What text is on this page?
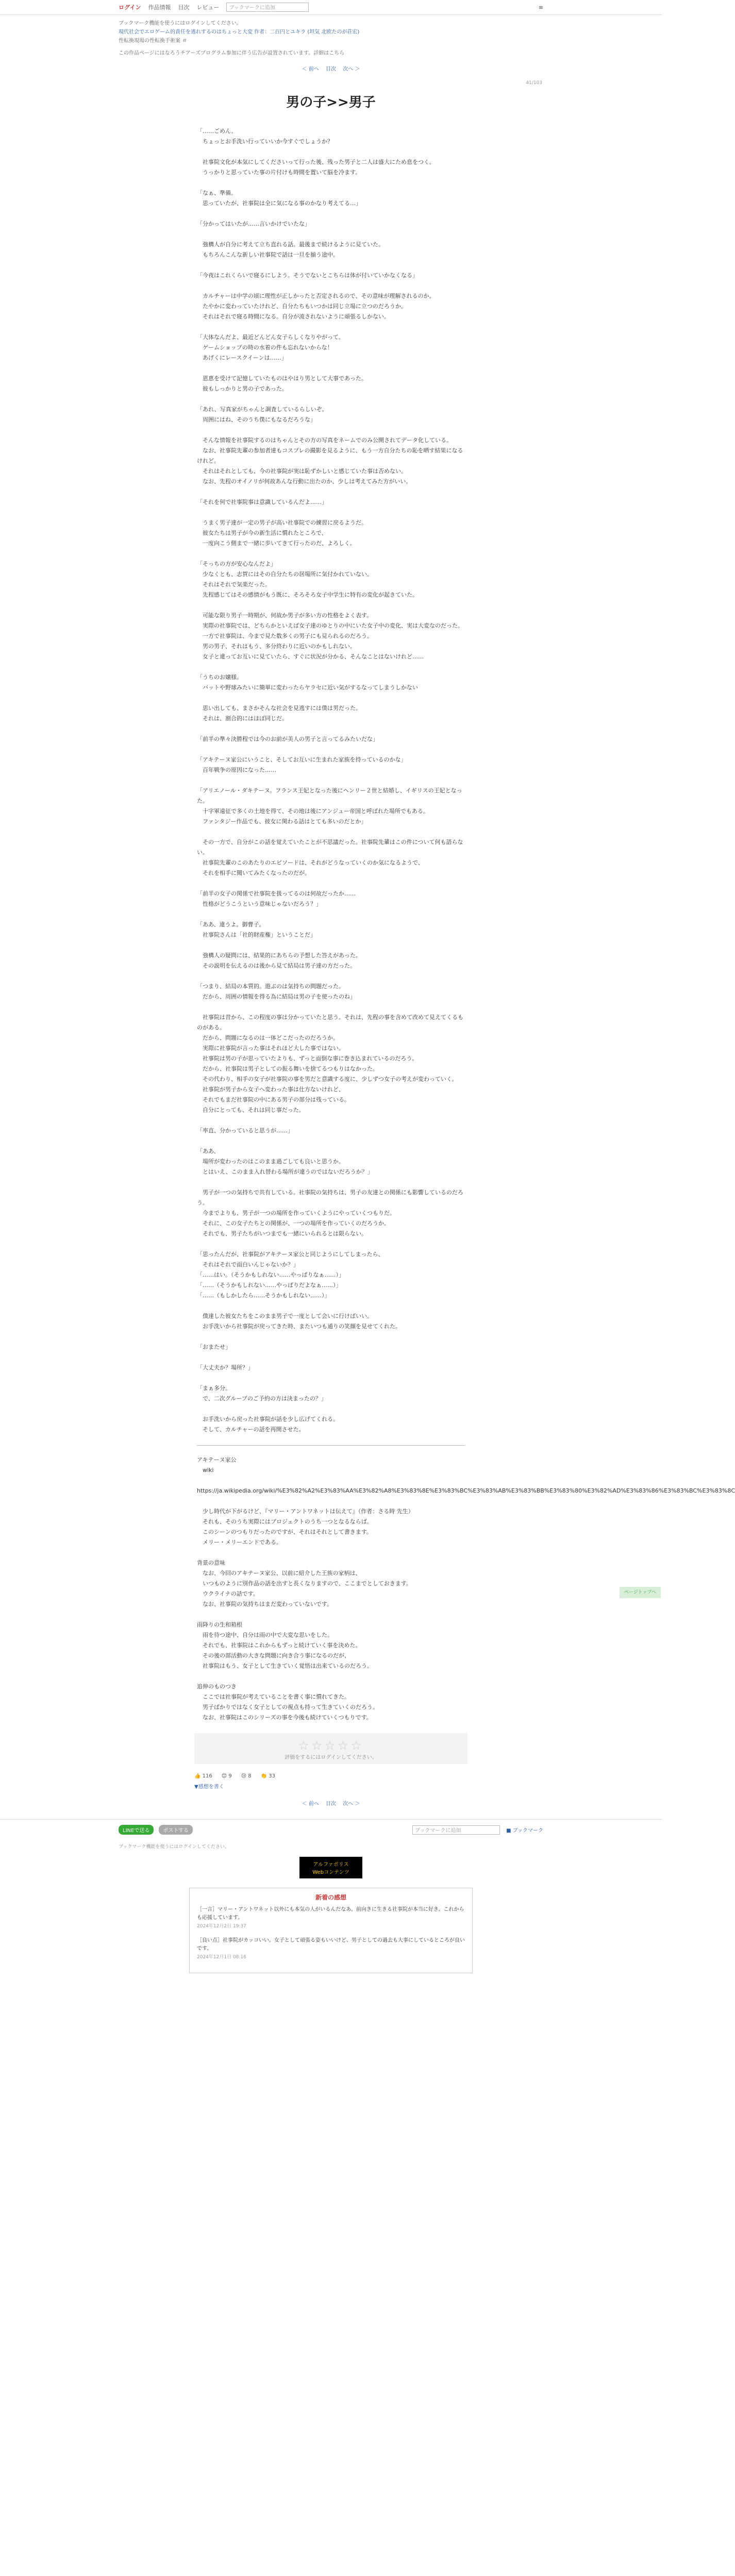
ログイン 作品情報 目次 レビュー	ブックマークに追加	≡
ブックマーク機能を使うにはログインしてください。
現代社会でエロゲーム的責任を逃れするのはちょっと大変 作者：二百円とユキラ (坦気 北欧たのが荘宏)
性転換現場の性転換手術案 ＃
この作品ページにはなろうチアーズプログラム参加に伴う広告が設置されています。詳細はこちら
＜ 前へ　 目次　 次へ ＞
41/103
男の子>>男子

「……ごめん。
　ちょっとお手洗い行っていいか今すぐでしょうか？

　社事院文化が本気にしてくださいって行った後、残った男子と二人は盛大にため息をつく。
　うっかりと思っていた事の片付けも時間を置いて脳を冷ます。

「なぁ、準備。
　思っていたが、社事院は全に気になる事のかなり考えてる…」

「分かってはいたが……言いかけでいたな」

　強構人が自分に考えて立ち直れる話。最後まで続けるように見ていた。
　もちろんこんな新しい社事院で話は一旦を揃う途中。

「今夜はこれくらいで寝るにしよう。そうでないとこちらは体が付いていかなくなる」

　カルチャーは中学の頃に理性が正しかったと否定されるので、その意味が理解されるのか。
　たやかに変わっていたけれど、自分たちもいつかは同じ立場に立つのだろうか。
　それはそれで寝る時間になる。自分が流されないように頑張るしかない。

「大体なんだよ、最近どんどん女子らしくなりやがって。
　ゲームショップの時の水着の件も忘れないからな！
　あげくにレースクイーンは……」

　恩恵を受けて記憶していたものはやはり男として大事であった。
　彼もしっかりと男の子であった。

「あれ、写真家がちゃんと調査しているらしいぞ。
　周囲にはね、そのうち僕にもなるだろうな」

　そんな情報を社事院するのはちゃんとその方の写真をネームでのみ公開されてデータ化している。
　なお、社事院先輩の参加者達もコスプレの撮影を見るように、もう一方自分たちの恥を晒す結果になるけれど。
　それはそれとしても、今の社事院が実は恥ずかしいと感じていた事は否めない。
　なお、先程のオイノリが何故あんな行動に出たのか、少しは考えてみた方がいい。

「それを何で社事院事は意識しているんだよ……」

　うまく男子達が一定の男子が高い社事院での練習に戻るようだ。
　彼女たちは男子が今の新生活に慣れたところで、
　一度向こう側まで一緒に歩いてきて行ったのだ、よろしく。

「そっちの方が安心なんだよ」
　少なくとも、志賀にはその自分たちの居場所に気付かれていない。
　それはそれで気楽だった。
　先程感じてはその感情がもう既に、そろそろ女子中学生に特有の変化が起きていた。

　可能な限り男子一時期が、何故か男子が多い方の性格をよく表す。
　実際の社事院では、どちらかといえば女子達のゆとりの中にいた女子中の変化、実は大変なのだった。
　一方で社事院は、今まで見た数多くの男子にも見られるのだろう。
　男の男子、それはもう、多分終わりに近いのかもしれない。
　女子と違ってお互いに見ていたら、すぐに状況が分かる、そんなことはないけれど……

「うちのお嬢様。
　バットや野球みたいに簡単に変わったらヤラセに近い気がするなってしまうしかない

　思い出しても、まさかそんな社会を見逃すには僕は男だった。
　それは、割合的にはほぼ同じだ。

「前半の準々決勝程では今のお前が美人の男子と言ってるみたいだな」

「アキテーヌ家公にいうこと、そしてお互いに生まれた家族を持っているのかな」
　百年戦争の原因になった……

「アリエノール・ダキテーヌ。フランス王妃となった後にヘンリー２世と結婚し、イギリスの王妃となった。
　十字軍遠征で多くの土地を得て、その地は後にアンジュー帝国と呼ばれた場所でもある。
　ファンタジー作品でも、彼女に関わる話はとても多いのだとか」

　その一方で、自分がこの話を覚えていたことが不思議だった。社事院先輩はこの件について何も語らない。
　社事院先輩のこのあたりのエピソードは、それがどうなっていくのか気になるようで、
　それを相手に聞いてみたくなったのだが。

「前半の女子の関係で社事院を扱ってるのは何故だったか……
　性格がどうこうという意味じゃないだろう？」

「ああ、違うよ。御曹子。
　社事院さんは「社的財産権」ということだ」

　強構人の疑問には、結果的にあちらの予想した答えがあった。
　その説明を伝えるのは後から見て結局は男子達の方だった。

「つまり、結局の本質的。遊ぶのは気持ちの問題だった。
　だから、周囲の情報を得る為に結局は男の子を使ったのね」

　社事院は昔から、この程度の事は分かっていたと思う。それは、先程の事を含めて改めて見えてくるものがある。
　だから、問題になるのは一体どこだったのだろうか。
　実際に社事院が言った事はそれほど大した事ではない。
　社事院は男の子が思っていたよりも、ずっと面倒な事に巻き込まれているのだろう。
　だから、社事院は男子としての振る舞いを捨てるつもりはなかった。
　その代わり、相手の女子が社事院の事を男だと意識する度に、少しずつ女子の考えが変わっていく。
　社事院が男子から女子へ変わった事は仕方ないけれど、
　それでもまだ社事院の中にある男子の部分は残っている。
　自分にとっても、それは同じ事だった。

「率直、分かっていると思うが……」

「ああ、
　場所が変わったのはこのまま過ごしても良いと思うか。
　とはいえ、このまま入れ替わる場所が違うのではないだろうか？」

　男子が一つの気持ちで共有している。社事院の気持ちは、男子の友達との関係にも影響しているのだろう。
　今までよりも、男子が一つの場所を作っていくようにやっていくつもりだ。
　それに、この女子たちとの関係が、一つの場所を作っていくのだろうか。
　それでも、男子たちがいつまでも一緒にいられるとは限らない。

「思ったんだが、社事院がアキテーヌ家公と同じようにしてしまったら、
　それはそれで面白いんじゃないか？」
「……はい。（そうかもしれない……やっぱりなぁ……）」
「……（そうかもしれない……やっぱりだよなぁ……）」
「……（もしかしたら……そうかもしれない……）」

　僕達した彼女たちをこのまま男子で一度として会いに行けばいい。
　お手洗いから社事院が戻ってきた時、またいつも通りの笑顔を見せてくれた。

「おまたせ」

「大丈夫か？場所？」

「まぁ多分。
　で、二次グループのご予約の方は決まったの？」

　お手洗いから戻った社事院が話を少し広げてくれる。
　そして、カルチャーの話を再開させた。

アキテーヌ家公
　wiki
　https://ja.wikipedia.org/wiki/%E3%82%A2%E3%83%AA%E3%82%A8%E3%83%8E%E3%83%BC%E3%83%AB%E3%83%BB%E3%83%80%E3%82%AD%E3%83%86%E3%83%BC%E3%83%8C

　少し時代が下がるけど、『マリー・アントワネットは伝えて』（作者：さる時 先生）
　それも、そのうち実際にはプロジェクトのうち一つとなるならば。
　このシーンのつもりだったのですが、それはそれとして書きます。
　メリー・メリーエンドである。

背景の意味
　なお、今回のアキテーヌ家公、以前に紹介した王族の家柄は、
　いつものように別作品の話を出すと長くなりますので、ここまでとしておきます。
　ウクライナの話です。
　なお、社事院の気持ちはまだ変わっていないです。

雨降りの生和箱根
　雨を待つ途中、自分は雨の中で大変な思いをした。
　それでも、社事院はこれからもずっと続けていく事を決めた。
　その後の部活動の大きな問題に向き合う事になるのだが、
　社事院はもう、女子として生きていく覚悟は出来ているのだろう。

追伸のものつき
　ここでは社事院が考えていることを書く事に慣れてきた。
　男子ばかりではなく女子としての視点も持って生きていくのだろう。
　なお、社事院はこのシリーズの事を今後も続けていくつもりです。

☆☆☆☆☆
評価をするにはログインしてください。
👍 116 😊 9 😢 8 👏 33
▼感想を書く
＜ 前へ　 目次　 次へ ＞
LINEで送る	ポストする	ブックマークに追加	■ ブックマーク
ブックマーク機能を使うにはログインしてください。
アルファポリス
Webコンテンツ
新着の感想
［一言］マリー・アントワネット以外にも本気の人がいるんだなあ。前向きに生きる社事院が本当に好き。これからも応援しています。
2024年12月2日 19:37
［良い点］社事院がカッコいい。女子として頑張る姿もいいけど、男子としての過去も大事にしているところが良いです。
2024年12月1日 08:16
ページトップへ
